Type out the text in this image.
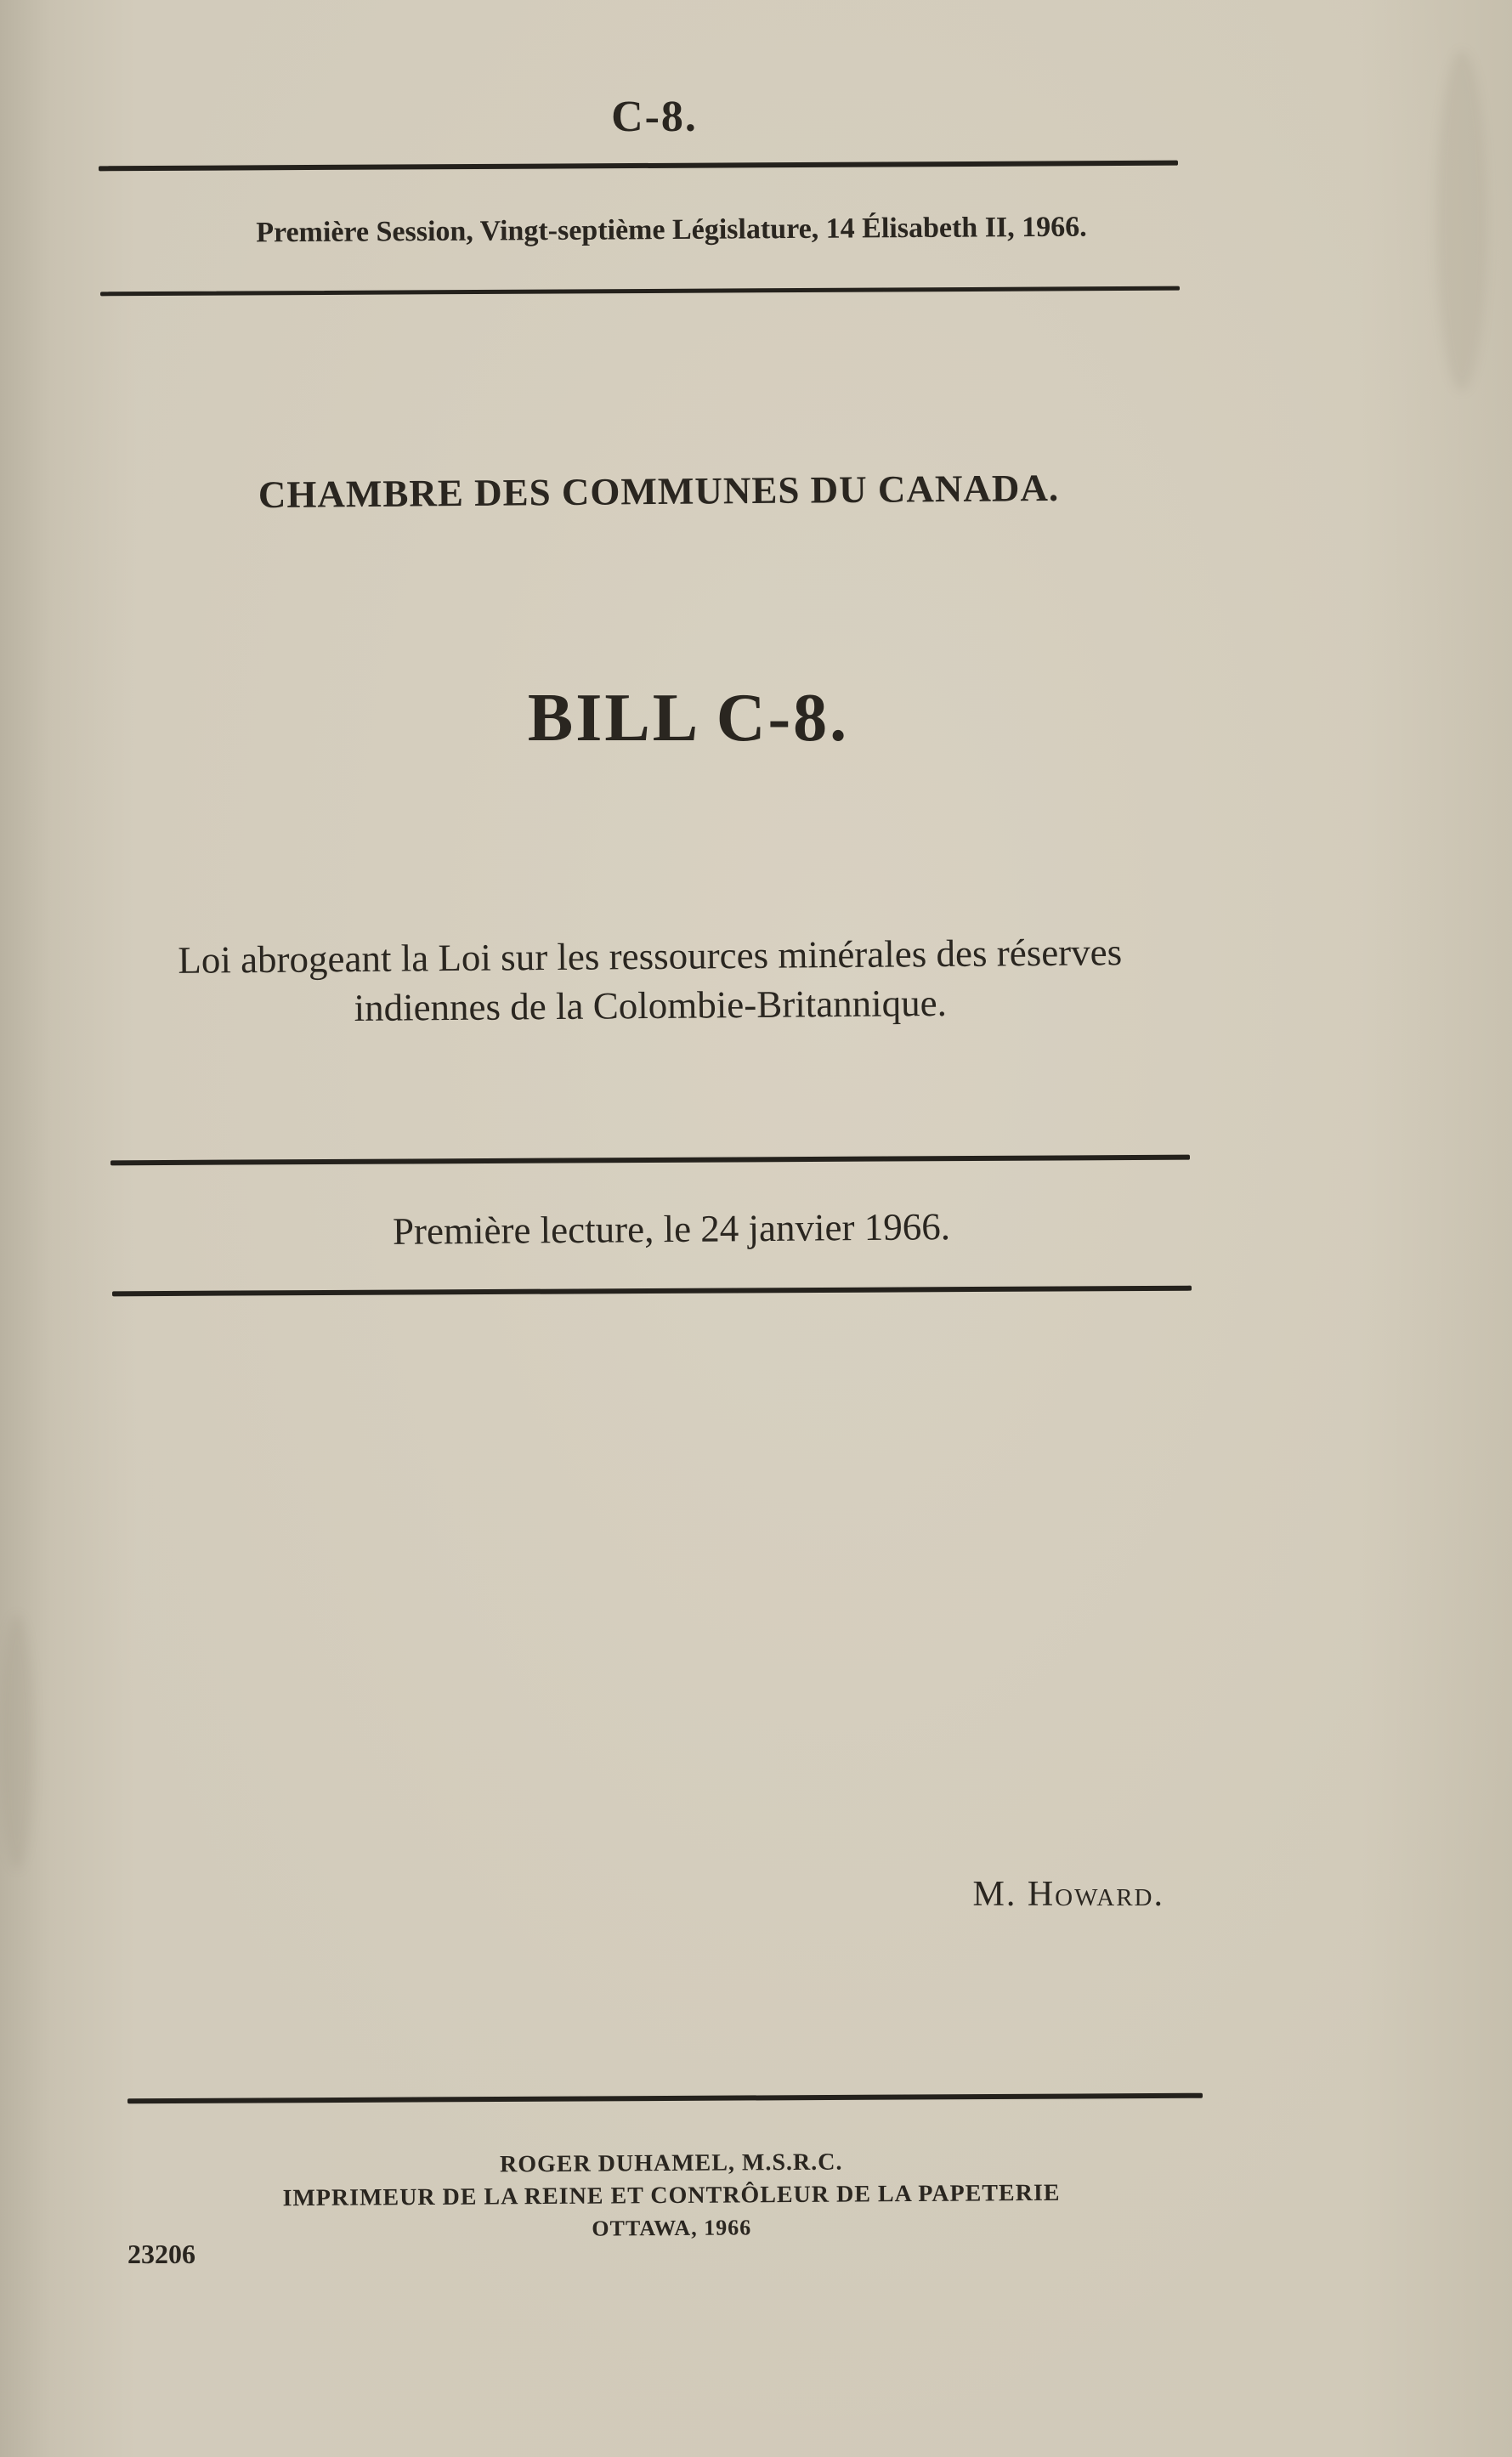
C-8.
Première Session, Vingt-septième Législature, 14 Élisabeth II, 1966.
CHAMBRE DES COMMUNES DU CANADA.
BILL C-8.
Loi abrogeant la Loi sur les ressources minérales des réserves
indiennes de la Colombie-Britannique.
Première lecture, le 24 janvier 1966.
M. Howard.
ROGER DUHAMEL, M.S.R.C.
IMPRIMEUR DE LA REINE ET CONTRÔLEUR DE LA PAPETERIE
OTTAWA, 1966
23206
